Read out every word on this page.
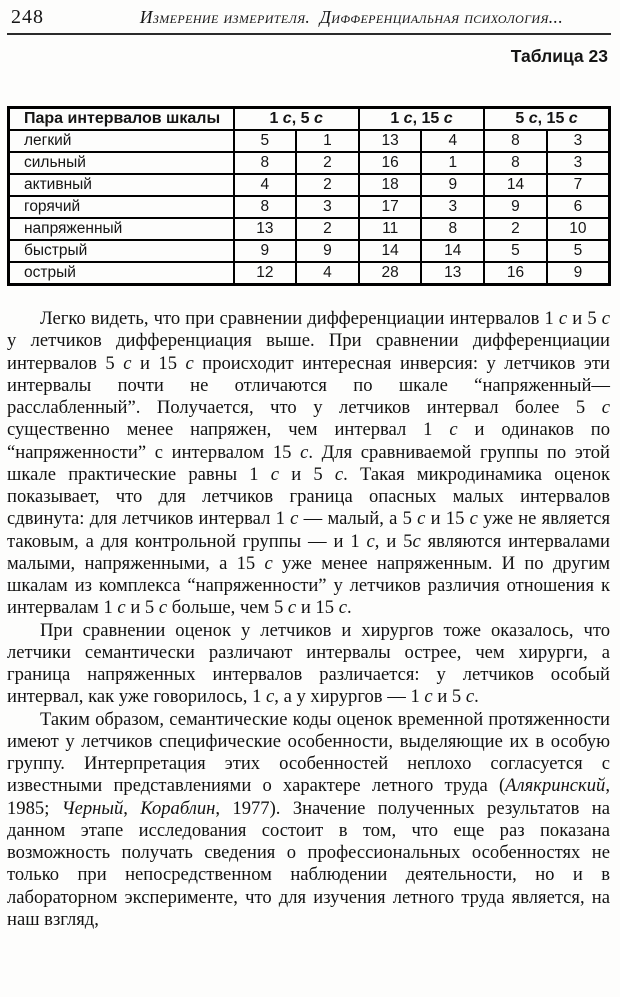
248	Измерение измерителя.  Дифференциальная психология...
Таблица 23
Пара интервалов шкалы	1 с, 5 с		1 с, 15 с		5 с, 15 с	
легкий	5	1	13	4	8	3
сильный	8	2	16	1	8	3
активный	4	2	18	9	14	7
горячий	8	3	17	3	9	6
напряженный	13	2	11	8	2	10
быстрый	9	9	14	14	5	5
острый	12	4	28	13	16	9

Легко видеть, что при сравнении дифференциации интервалов 1 с и 5 с у летчиков дифференциация выше. При сравнении дифференциации интервалов 5 с и 15 с происходит интересная инверсия: у летчиков эти интервалы почти не отличаются по шкале “напряженный—расслабленный”. Получается, что у летчиков интервал более 5 с существенно менее напряжен, чем интервал 1 с и одинаков по “напряженности” с интервалом 15 с. Для сравниваемой группы по этой шкале практические равны 1 с и 5 с. Такая микродинамика оценок показывает, что для летчиков граница опасных малых интервалов сдвинута: для летчиков интервал 1 с — малый, а 5 с и 15 с уже не является таковым, а для контрольной группы — и 1 с, и 5с являются интервалами малыми, напряженными, а 15 с уже менее напряженным. И по другим шкалам из комплекса “напряженности” у летчиков различия отношения к интервалам 1 с и 5 с больше, чем 5 с и 15 с.

При сравнении оценок у летчиков и хирургов тоже оказалось, что летчики семантически различают интервалы острее, чем хирурги, а граница напряженных интервалов различается: у летчиков особый интервал, как уже говорилось, 1 с, а у хирургов — 1 с и 5 с.

Таким образом, семантические коды оценок временной протяженности имеют у летчиков специфические особенности, выделяющие их в особую группу. Интерпретация этих особенностей неплохо согласуется с известными представлениями о характере летного труда (Алякринский, 1985; Черный, Кораблин, 1977). Значение полученных результатов на данном этапе исследования состоит в том, что еще раз показана возможность получать сведения о профессиональных особенностях не только при непосредственном наблюдении деятельности, но и в лабораторном эксперименте, что для изучения летного труда является, на наш взгляд,
